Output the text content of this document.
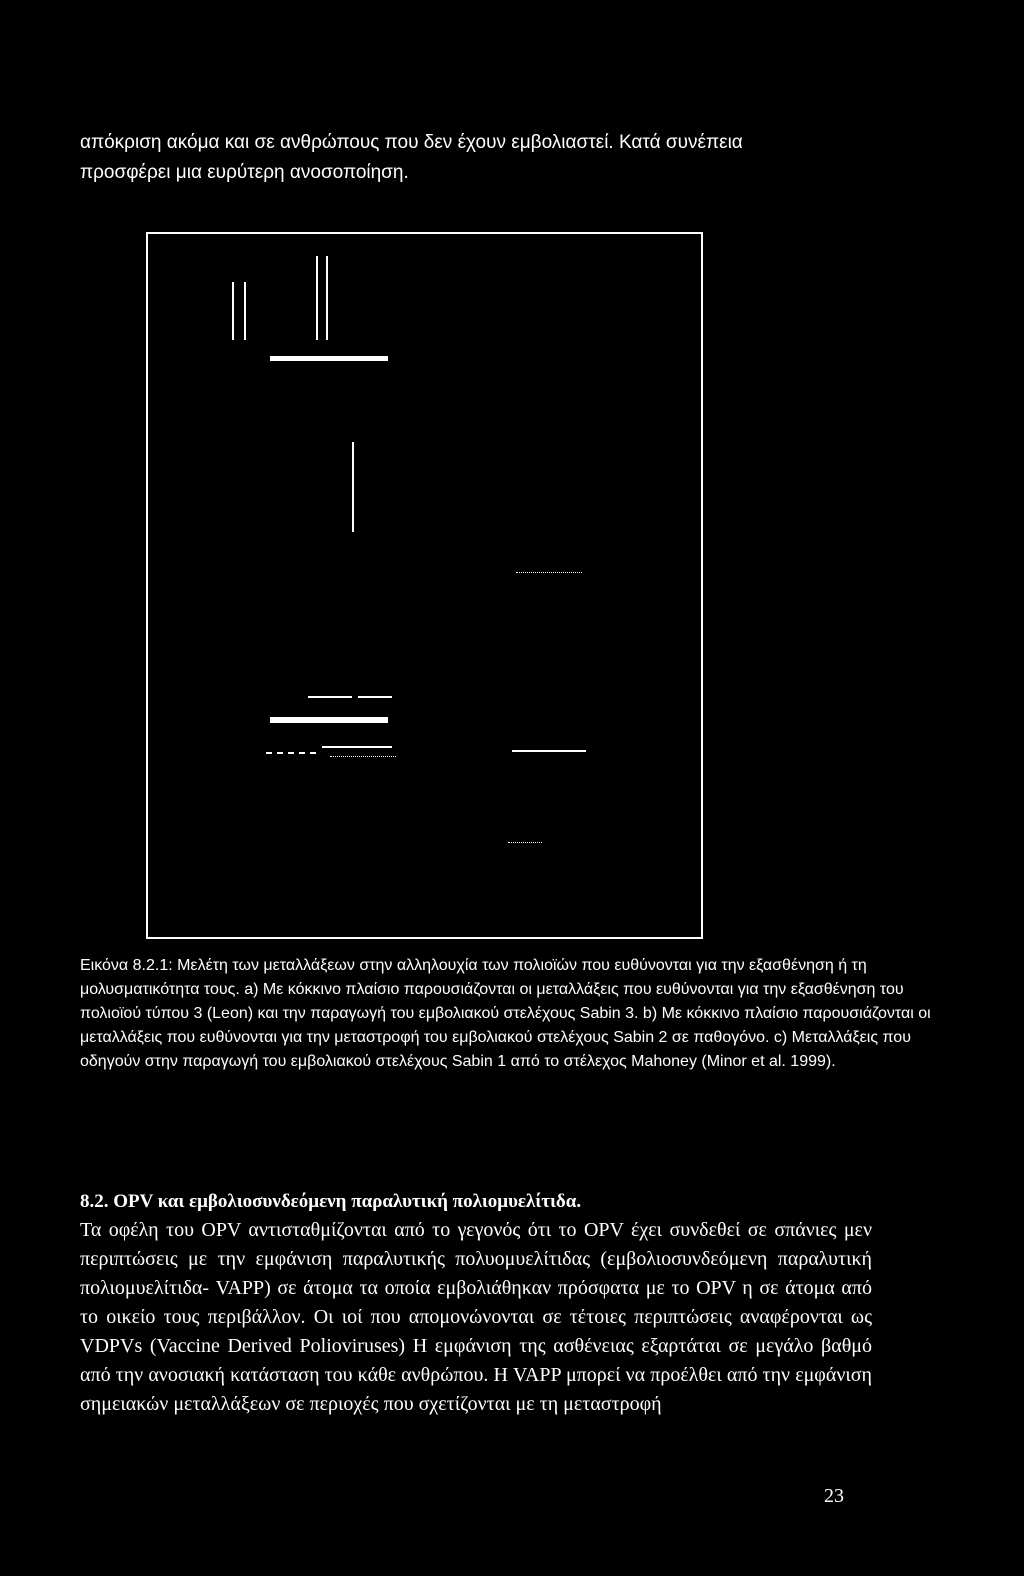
απόκριση ακόμα και σε ανθρώπους που δεν έχουν εμβολιαστεί. Κατά συνέπεια

προσφέρει μια ευρύτερη ανοσοποίηση.

Εικόνα 8.2.1: Μελέτη των μεταλλάξεων στην αλληλουχία των πολιοϊών που ευθύνονται για την εξασθένηση ή τη μολυσματικότητα τους. a) Με κόκκινο πλαίσιο παρουσιάζονται οι μεταλλάξεις που ευθύνονται για την εξασθένηση του πολιοϊού τύπου 3 (Leon) και την παραγωγή του εμβολιακού στελέχους Sabin 3. b) Με κόκκινο πλαίσιο παρουσιάζονται οι μεταλλάξεις που ευθύνονται για την μεταστροφή του εμβολιακού στελέχους Sabin 2 σε παθογόνο. c) Μεταλλάξεις που οδηγούν στην παραγωγή του εμβολιακού στελέχους Sabin 1 από το στέλεχος Mahoney (Minor et al. 1999).

8.2. OPV και εμβολιοσυνδεόμενη παραλυτική πολιομυελίτιδα.

Τα οφέλη του OPV αντισταθμίζονται από το γεγονός ότι το OPV έχει συνδεθεί σε σπάνιες μεν περιπτώσεις με την εμφάνιση παραλυτικής πολυομυελίτιδας (εμβολιοσυνδεόμενη παραλυτική πολιομυελίτιδα- VAPP) σε άτομα τα οποία εμβολιάθηκαν πρόσφατα με το OPV η σε άτομα από το οικείο τους περιβάλλον. Οι ιοί που απομονώνονται σε τέτοιες περιπτώσεις αναφέρονται ως VDPVs (Vaccine Derived Polioviruses) Η εμφάνιση της ασθένειας εξαρτάται σε μεγάλο βαθμό από την ανοσιακή κατάσταση του κάθε ανθρώπου. Η VAPP μπορεί να προέλθει από την εμφάνιση σημειακών μεταλλάξεων σε περιοχές που σχετίζονται με τη μεταστροφή

23
